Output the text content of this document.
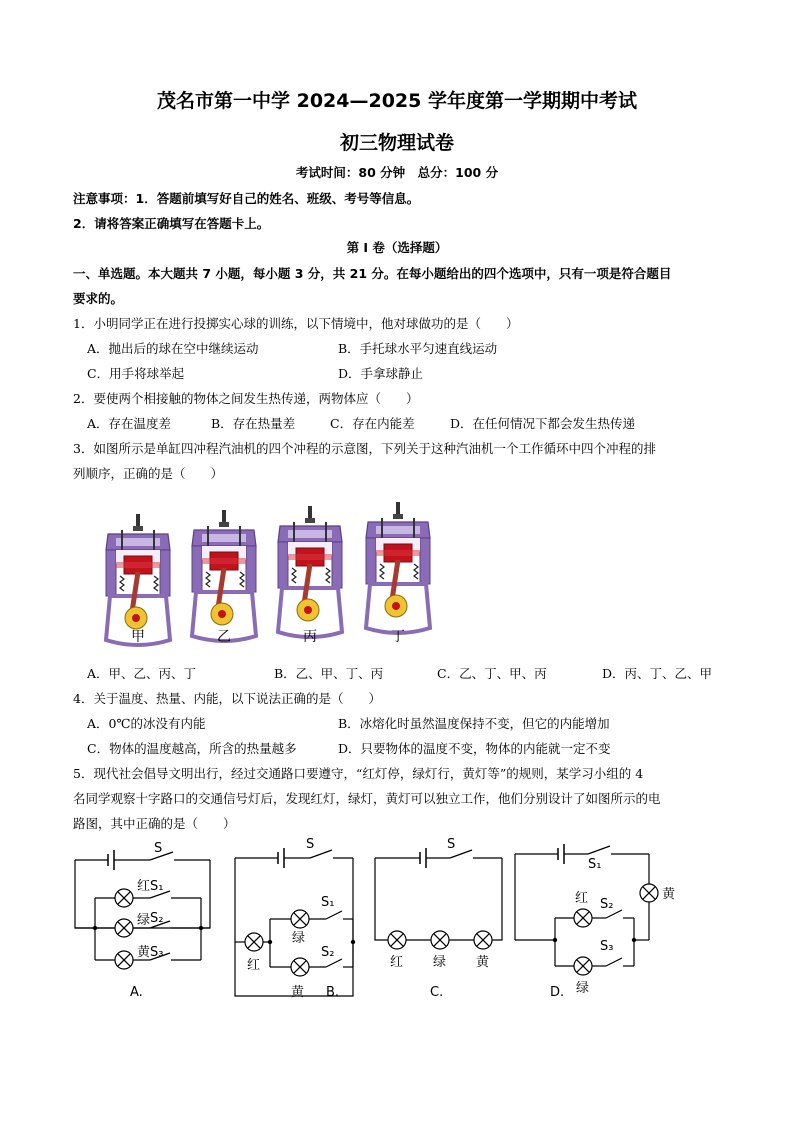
茂名市第一中学 2024—2025 学年度第一学期期中考试
初三物理试卷
考试时间：80 分钟　总分：100 分
注意事项：1．答题前填写好自己的姓名、班级、考号等信息。
2．请将答案正确填写在答题卡上。
第 I 卷（选择题）
一、单选题。本大题共 7 小题，每小题 3 分，共 21 分。在每小题给出的四个选项中，只有一项是符合题目
要求的。
1．小明同学正在进行投掷实心球的训练，以下情境中，他对球做功的是（　　）
A．抛出后的球在空中继续运动	B．手托球水平匀速直线运动
C．用手将球举起	D．手拿球静止
2．要使两个相接触的物体之间发生热传递，两物体应（　　）
A．存在温度差	B．存在热量差	C．存在内能差	D．在任何情况下都会发生热传递
3．如图所示是单缸四冲程汽油机的四个冲程的示意图，下列关于这种汽油机一个工作循环中四个冲程的排
列顺序，正确的是（　　）
甲	乙	丙	丁
A．甲、乙、丙、丁	B．乙、甲、丁、丙	C．乙、丁、甲、丙	D．丙、丁、乙、甲
4．关于温度、热量、内能，以下说法正确的是（　　）
A．0℃的冰没有内能	B．冰熔化时虽然温度保持不变，但它的内能增加
C．物体的温度越高，所含的热量越多	D．只要物体的温度不变，物体的内能就一定不变
5．现代社会倡导文明出行，经过交通路口要遵守，“红灯停，绿灯行，黄灯等”的规则，某学习小组的 4
名同学观察十字路口的交通信号灯后，发现红灯，绿灯，黄灯可以独立工作，他们分别设计了如图所示的电
路图，其中正确的是（　　）
S
红 S₁
绿 S₂
黄 S₃
A.
S
S₁
绿
S₂
红
黄 B.
S
红 绿 黄
C.
S₁
黄
红 S₂
S₃
D. 绿
